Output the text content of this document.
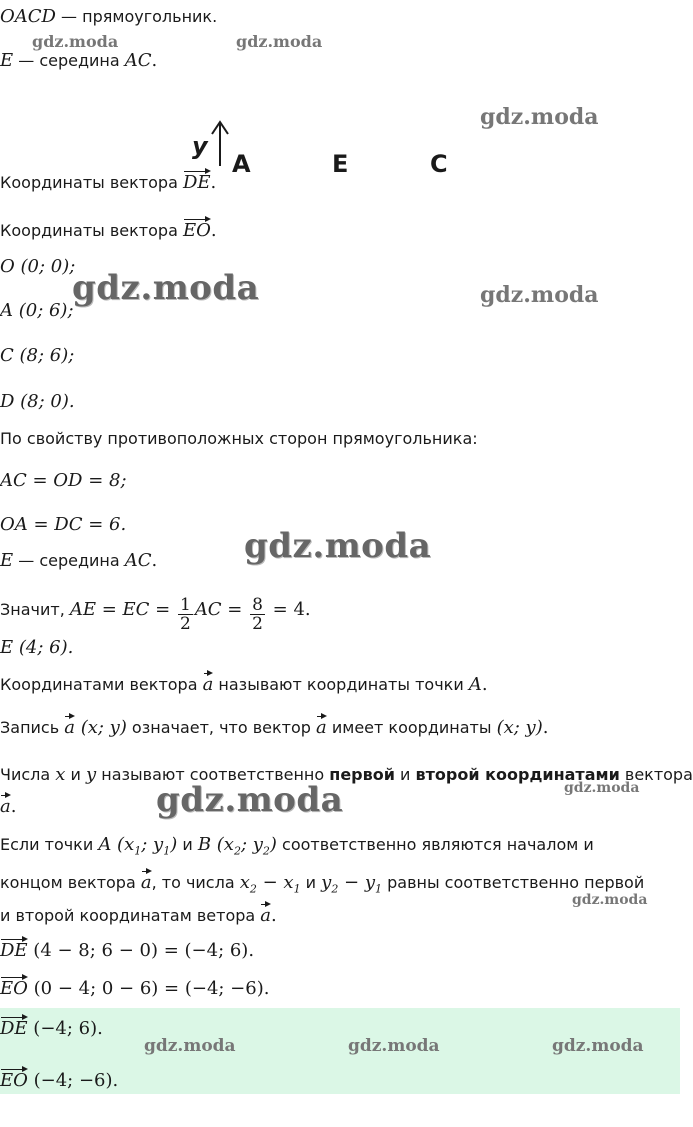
OACD — прямоугольник.
E — середина AC.
y
A	E	C
Координаты вектора DE.
Координаты вектора EO.
O (0; 0);
A (0; 6);
C (8; 6);
D (8; 0).
По свойству противоположных сторон прямоугольника:
AC = OD = 8;
OA = DC = 6.
E — середина AC.
Значит, AE = EC = $\frac{1}{2}$ AC = $\frac{8}{2} = 4$.
E (4; 6).
Координатами вектора a называют координаты точки A.
Запись a (x; y) означает, что вектор a имеет координаты (x; y).
Числа x и y называют соответственно первой и второй координатами вектора
a.
Если точки A ($x_1$; $y_1$) и B ($x_2$; $y_2$) соответственно являются началом и
концом вектора a, то числа $x_2 - x_1$ и $y_2 - y_1$ равны соответственно первой
и второй координатам ветора a.
DE (4 − 8; 6 − 0) = (−4; 6).
EO (0 − 4; 0 − 6) = (−4; −6).
DE (−4; 6).
EO (−4; −6).
gdz.moda	gdz.moda
gdz.moda
gdz.moda	gdz.moda
gdz.moda
gdz.moda	gdz.moda
gdz.moda
gdz.moda	gdz.moda	gdz.moda
